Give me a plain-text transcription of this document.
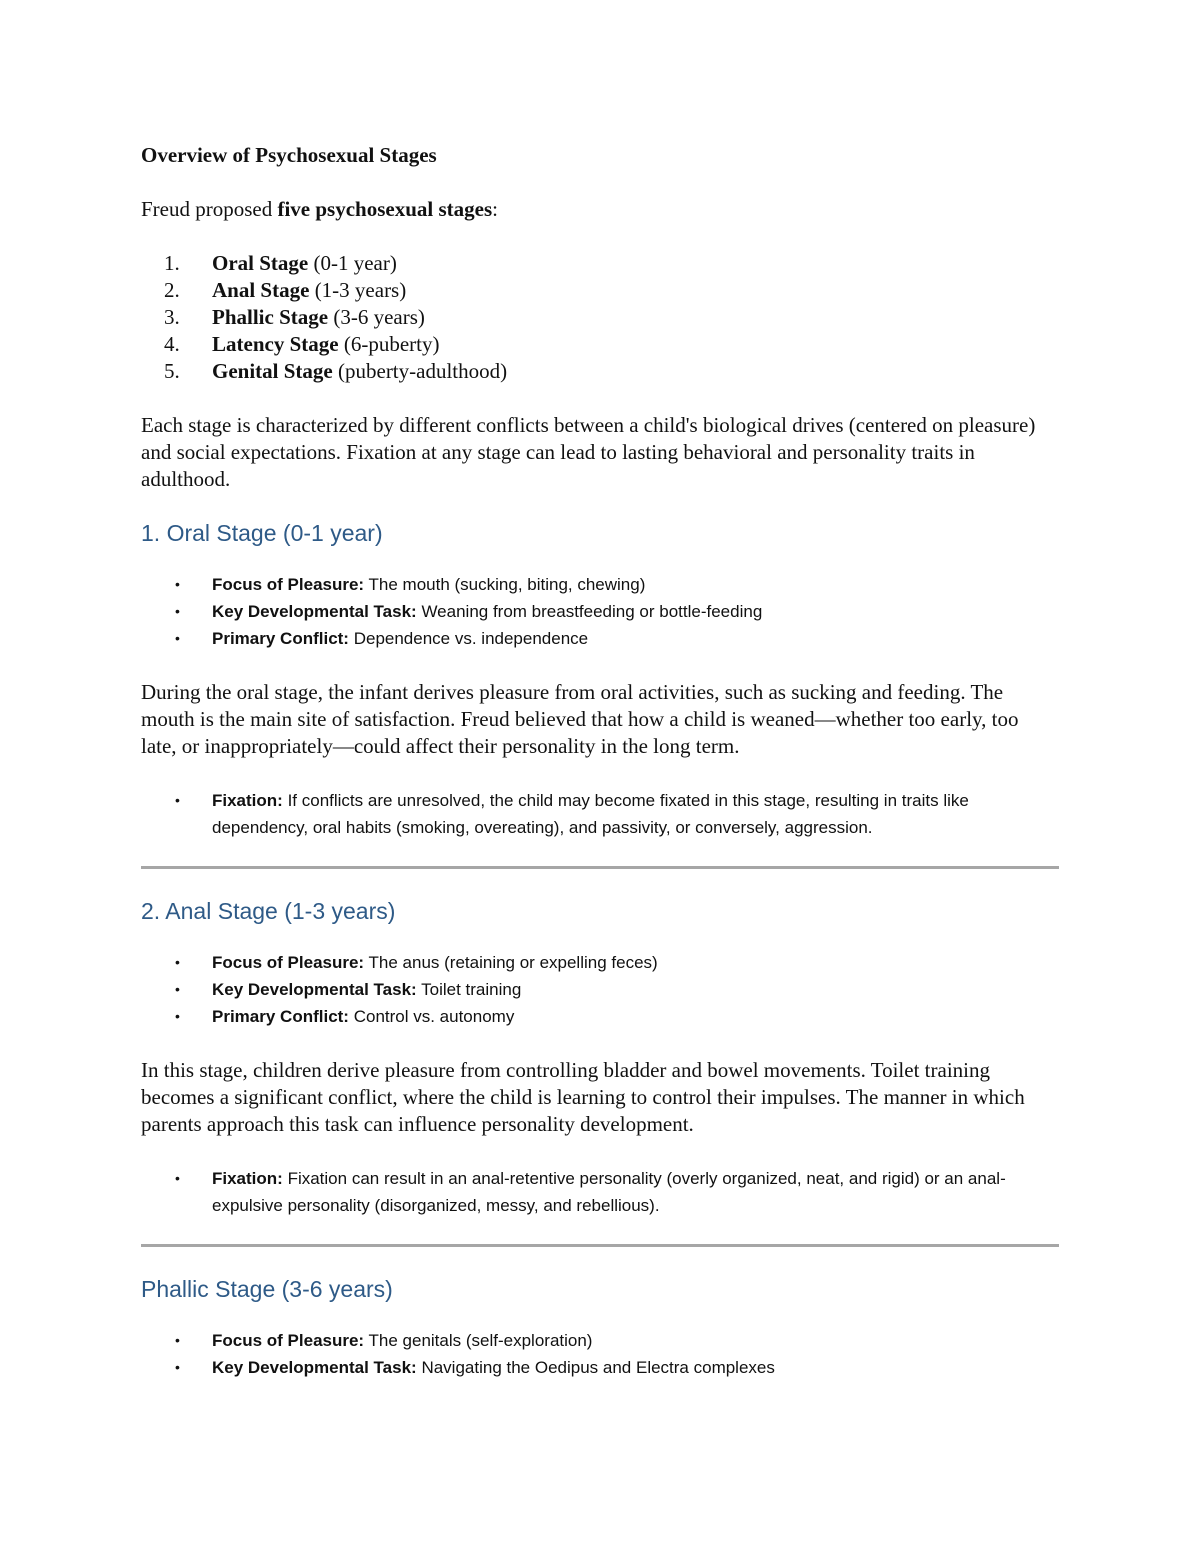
Overview of Psychosexual Stages

Freud proposed five psychosexual stages:

1.	Oral Stage (0-1 year)
2.	Anal Stage (1-3 years)
3.	Phallic Stage (3-6 years)
4.	Latency Stage (6-puberty)
5.	Genital Stage (puberty-adulthood)

Each stage is characterized by different conflicts between a child's biological drives (centered on pleasure) and social expectations. Fixation at any stage can lead to lasting behavioral and personality traits in adulthood.

1. Oral Stage (0-1 year)
• Focus of Pleasure: The mouth (sucking, biting, chewing)
• Key Developmental Task: Weaning from breastfeeding or bottle-feeding
• Primary Conflict: Dependence vs. independence

During the oral stage, the infant derives pleasure from oral activities, such as sucking and feeding. The mouth is the main site of satisfaction. Freud believed that how a child is weaned—whether too early, too late, or inappropriately—could affect their personality in the long term.

• Fixation: If conflicts are unresolved, the child may become fixated in this stage, resulting in traits like dependency, oral habits (smoking, overeating), and passivity, or conversely, aggression.
2. Anal Stage (1-3 years)
• Focus of Pleasure: The anus (retaining or expelling feces)
• Key Developmental Task: Toilet training
• Primary Conflict: Control vs. autonomy

In this stage, children derive pleasure from controlling bladder and bowel movements. Toilet training becomes a significant conflict, where the child is learning to control their impulses. The manner in which parents approach this task can influence personality development.

• Fixation: Fixation can result in an anal-retentive personality (overly organized, neat, and rigid) or an anal-expulsive personality (disorganized, messy, and rebellious).
Phallic Stage (3-6 years)
• Focus of Pleasure: The genitals (self-exploration)
• Key Developmental Task: Navigating the Oedipus and Electra complexes
